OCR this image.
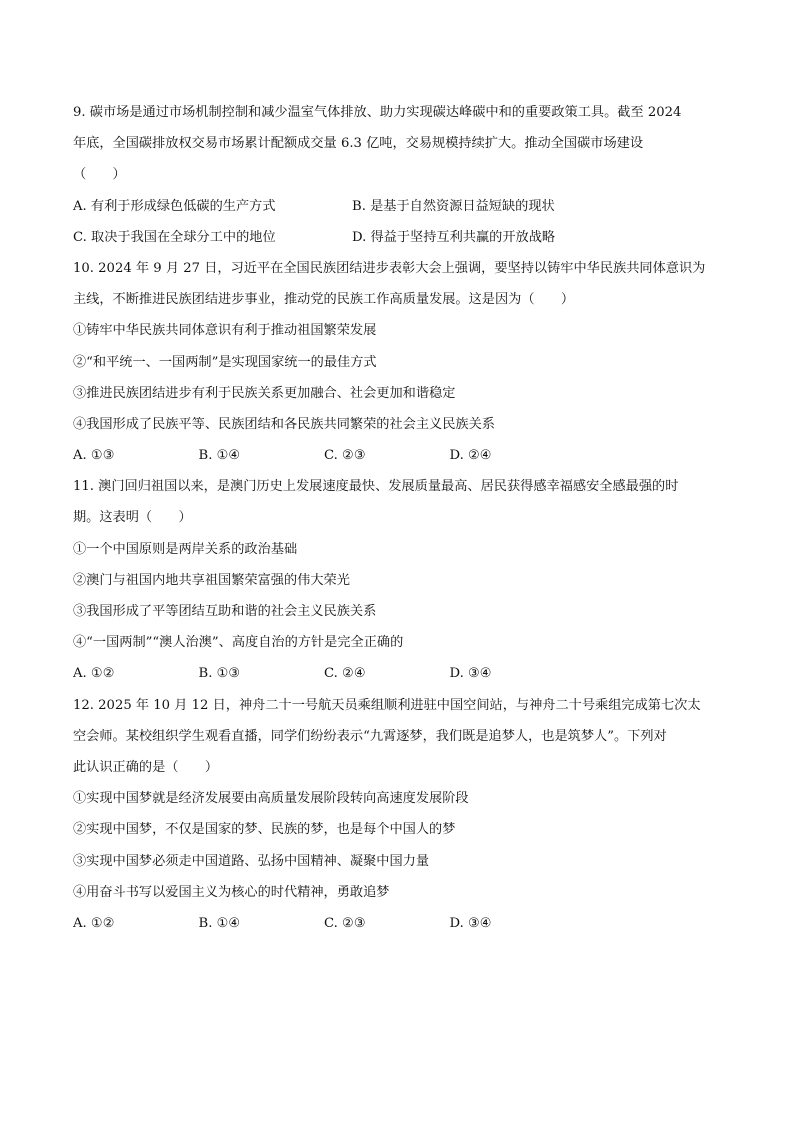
9. 碳市场是通过市场机制控制和减少温室气体排放、助力实现碳达峰碳中和的重要政策工具。截至 2024
年底，全国碳排放权交易市场累计配额成交量 6.3 亿吨，交易规模持续扩大。推动全国碳市场建设
（　　）
A. 有利于形成绿色低碳的生产方式	B. 是基于自然资源日益短缺的现状
C. 取决于我国在全球分工中的地位	D. 得益于坚持互利共赢的开放战略
10. 2024 年 9 月 27 日，习近平在全国民族团结进步表彰大会上强调，要坚持以铸牢中华民族共同体意识为
主线，不断推进民族团结进步事业，推动党的民族工作高质量发展。这是因为（　　）
①铸牢中华民族共同体意识有利于推动祖国繁荣发展
②“和平统一、一国两制”是实现国家统一的最佳方式
③推进民族团结进步有利于民族关系更加融合、社会更加和谐稳定
④我国形成了民族平等、民族团结和各民族共同繁荣的社会主义民族关系
A. ①③	B. ①④	C. ②③	D. ②④
11. 澳门回归祖国以来，是澳门历史上发展速度最快、发展质量最高、居民获得感幸福感安全感最强的时
期。这表明（　　）
①一个中国原则是两岸关系的政治基础
②澳门与祖国内地共享祖国繁荣富强的伟大荣光
③我国形成了平等团结互助和谐的社会主义民族关系
④“一国两制”“澳人治澳”、高度自治的方针是完全正确的
A. ①②	B. ①③	C. ②④	D. ③④
12. 2025 年 10 月 12 日，神舟二十一号航天员乘组顺利进驻中国空间站，与神舟二十号乘组完成第七次太
空会师。某校组织学生观看直播，同学们纷纷表示“九霄逐梦，我们既是追梦人，也是筑梦人”。下列对
此认识正确的是（　　）
①实现中国梦就是经济发展要由高质量发展阶段转向高速度发展阶段
②实现中国梦，不仅是国家的梦、民族的梦，也是每个中国人的梦
③实现中国梦必须走中国道路、弘扬中国精神、凝聚中国力量
④用奋斗书写以爱国主义为核心的时代精神，勇敢追梦
A. ①②	B. ①④	C. ②③	D. ③④
